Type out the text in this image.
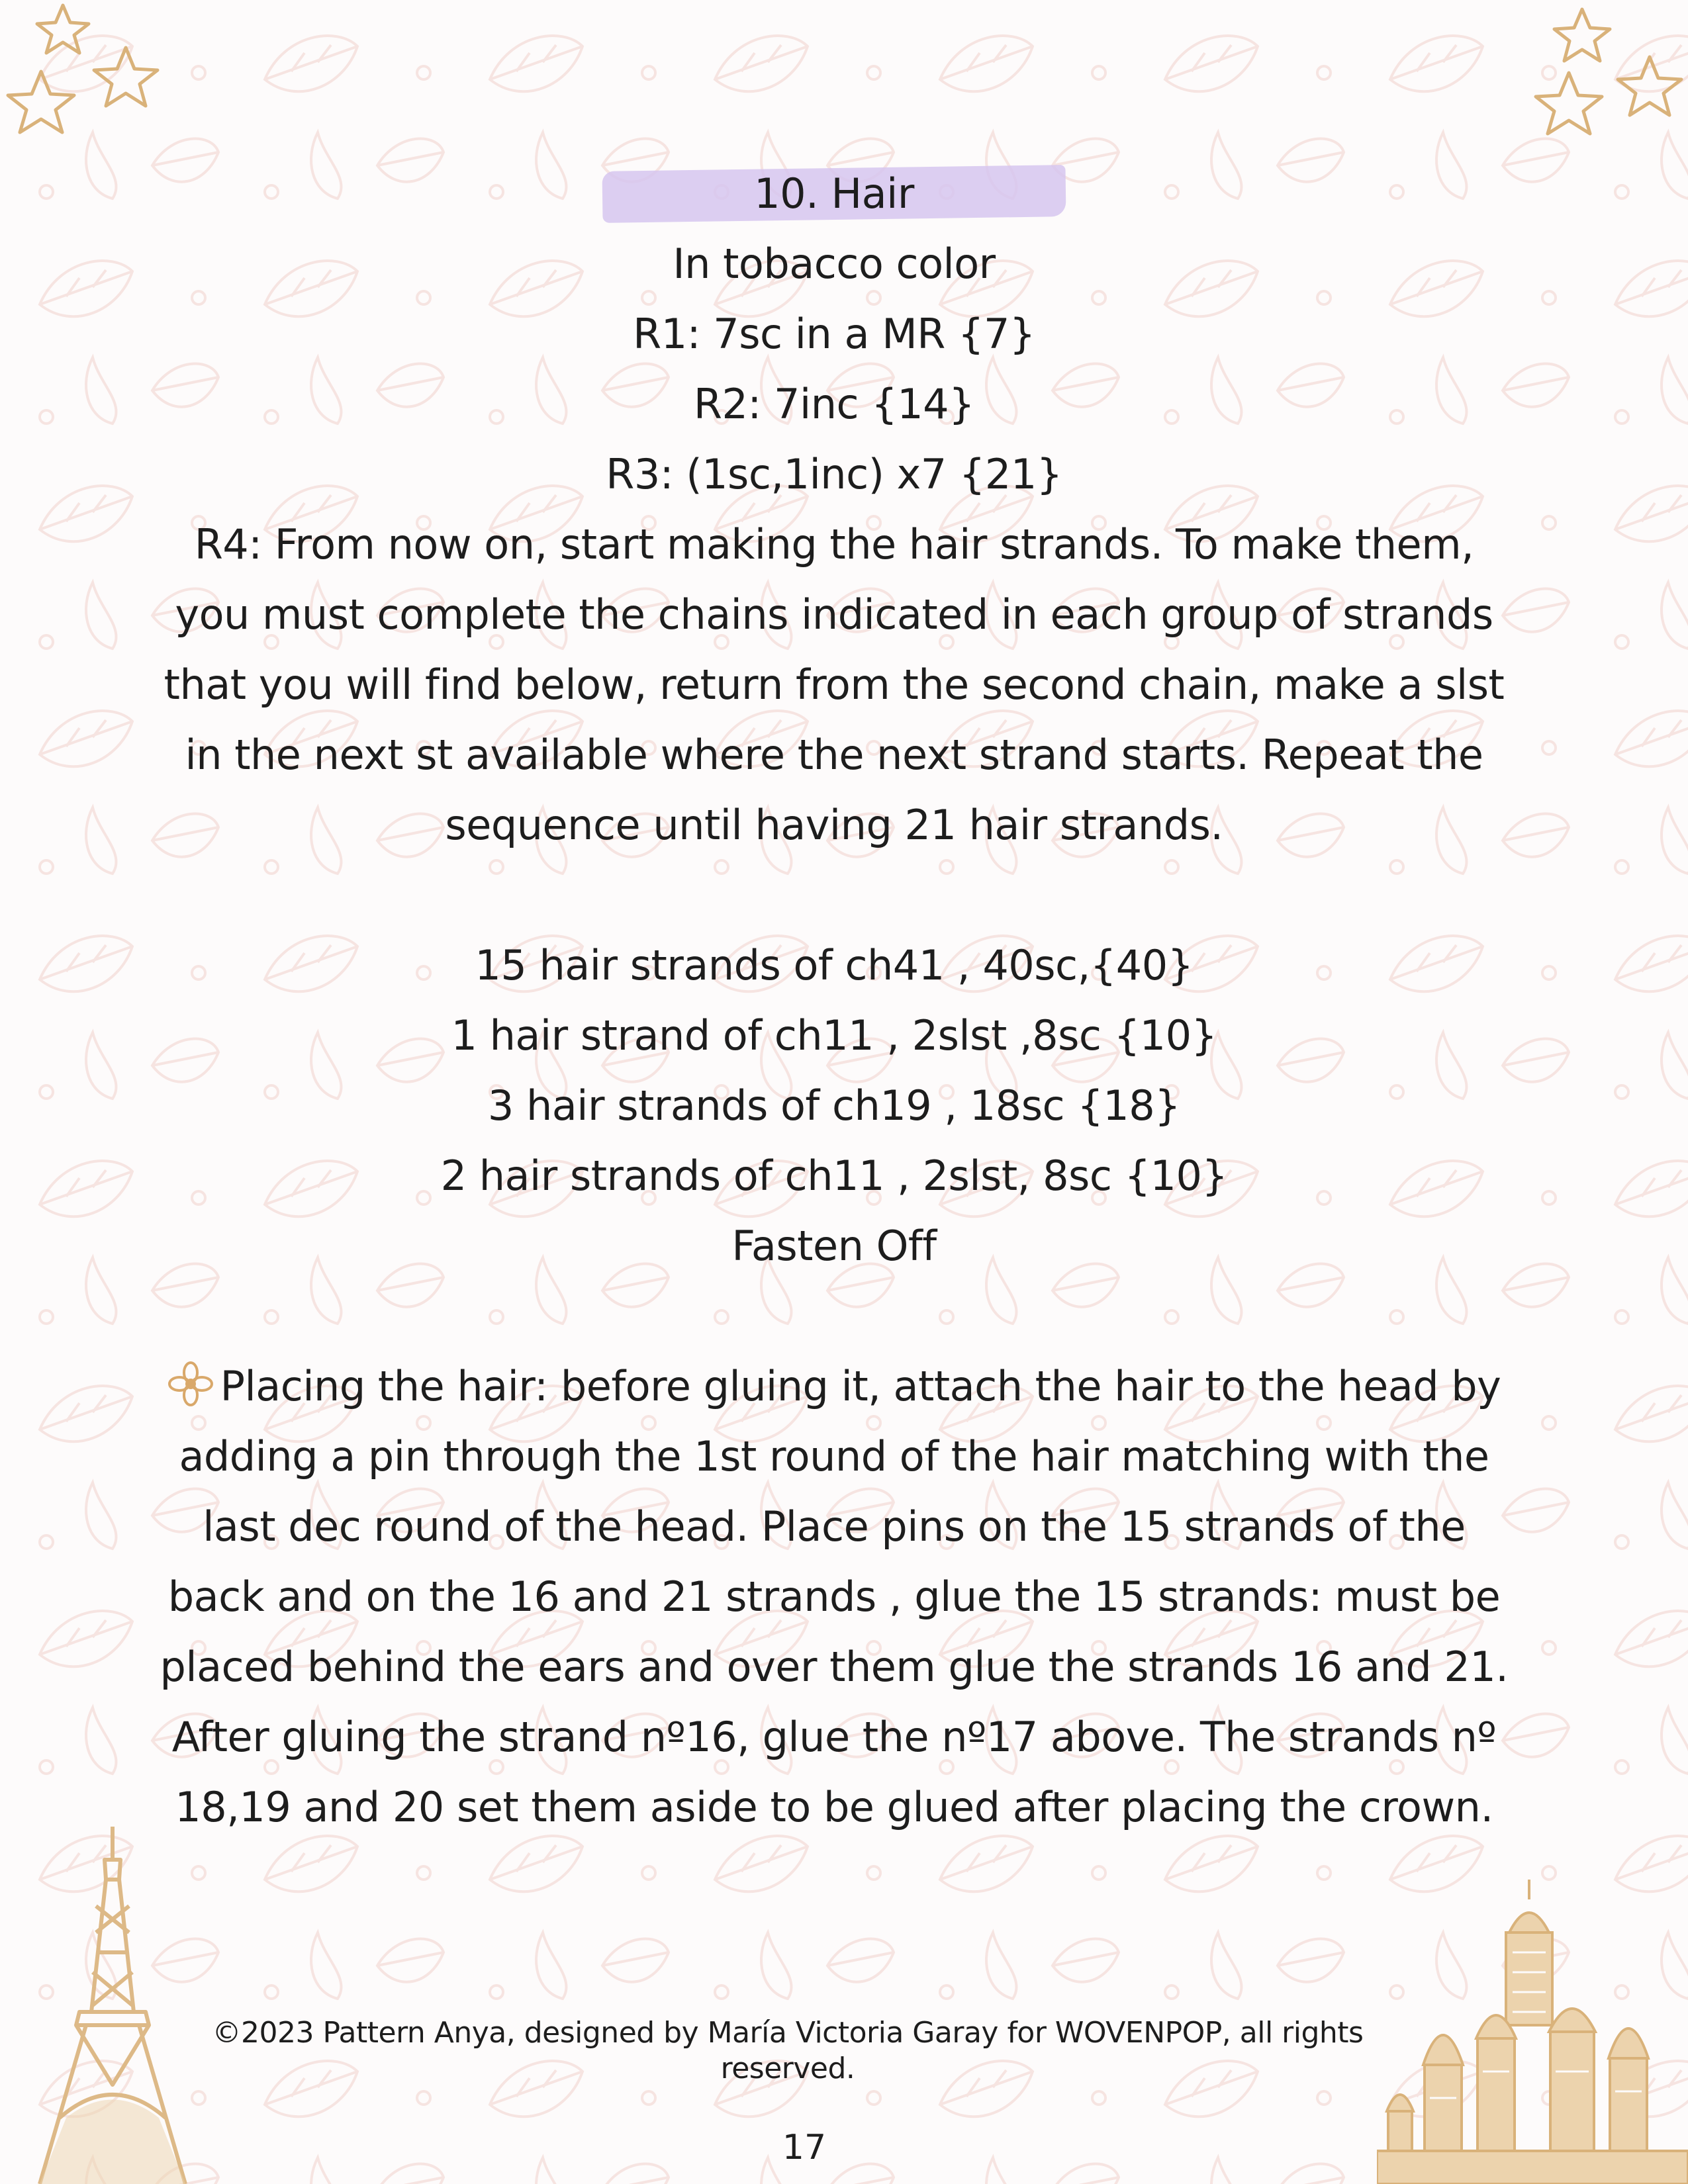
10. Hair
In tobacco color
R1: 7sc in a MR {7}
R2: 7inc {14}
R3: (1sc,1inc) x7 {21}
R4: From now on, start making the hair strands. To make them, you must complete the chains indicated in each group of strands that you will find below, return from the second chain, make a slst in the next st available where the next strand starts. Repeat the sequence until having 21 hair strands.
15 hair strands of ch41 , 40sc,{40}
1 hair strand of ch11 , 2slst ,8sc {10}
3 hair strands of ch19 , 18sc {18}
2 hair strands of ch11 , 2slst, 8sc {10}
Fasten Off
Placing the hair: before gluing it, attach the hair to the head by adding a pin through the 1st round of the hair matching with the last dec round of the head. Place pins on the 15 strands of the back and on the 16 and 21 strands , glue the 15 strands: must be placed behind the ears and over them glue the strands 16 and 21.
After gluing the strand nº16, glue the nº17 above. The strands nº 18,19 and 20 set them aside to be glued after placing the crown.
©2023 Pattern Anya, designed by María Victoria Garay for WOVENPOP, all rights reserved.
17
